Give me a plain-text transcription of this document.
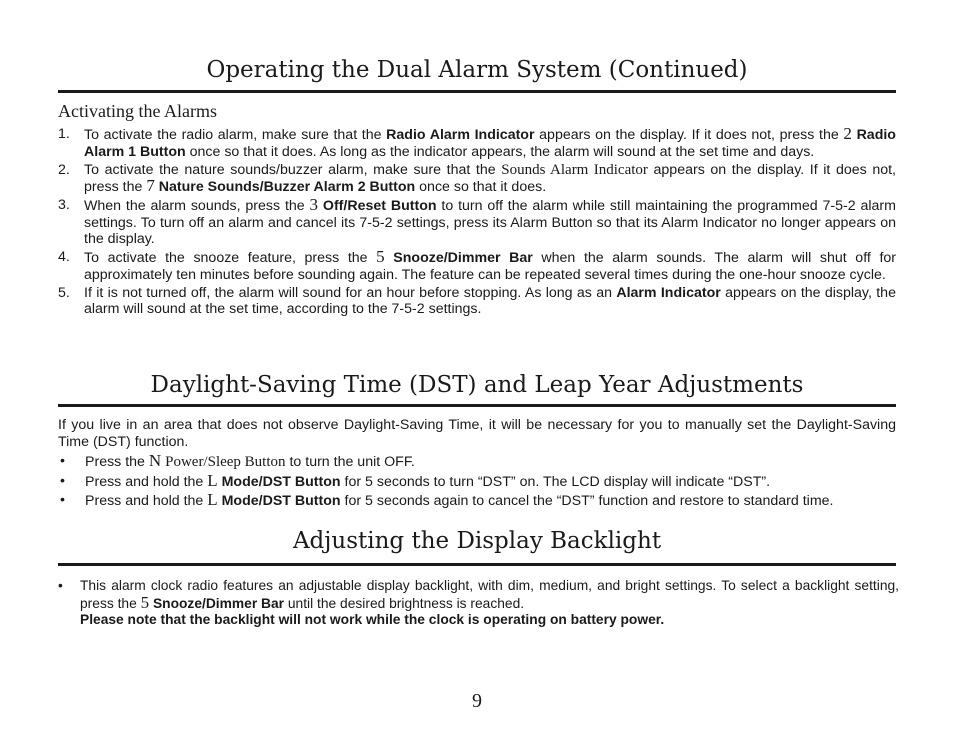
Operating the Dual Alarm System (Continued)
Activating the Alarms
1. To activate the radio alarm, make sure that the Radio Alarm Indicator appears on the display. If it does not, press the 2 Radio Alarm 1 Button once so that it does. As long as the indicator appears, the alarm will sound at the set time and days.
2. To activate the nature sounds/buzzer alarm, make sure that the Sounds Alarm Indicator appears on the display. If it does not, press the 7 Nature Sounds/Buzzer Alarm 2 Button once so that it does.
3. When the alarm sounds, press the 3 Off/Reset Button to turn off the alarm while still maintaining the programmed 7-5-2 alarm settings. To turn off an alarm and cancel its 7-5-2 settings, press its Alarm Button so that its Alarm Indicator no longer appears on the display.
4. To activate the snooze feature, press the 5 Snooze/Dimmer Bar when the alarm sounds. The alarm will shut off for approximately ten minutes before sounding again. The feature can be repeated several times during the one-hour snooze cycle.
5. If it is not turned off, the alarm will sound for an hour before stopping. As long as an Alarm Indicator appears on the display, the alarm will sound at the set time, according to the 7-5-2 settings.
Daylight-Saving Time (DST) and Leap Year Adjustments

If you live in an area that does not observe Daylight-Saving Time, it will be necessary for you to manually set the Daylight-Saving Time (DST) function.

• Press the N Power/Sleep Button to turn the unit OFF.
• Press and hold the L Mode/DST Button for 5 seconds to turn “DST” on. The LCD display will indicate “DST”.
• Press and hold the L Mode/DST Button for 5 seconds again to cancel the “DST” function and restore to standard time.
Adjusting the Display Backlight
• This alarm clock radio features an adjustable display backlight, with dim, medium, and bright settings. To select a backlight setting, press the 5 Snooze/Dimmer Bar until the desired brightness is reached.
Please note that the backlight will not work while the clock is operating on battery power.
9
